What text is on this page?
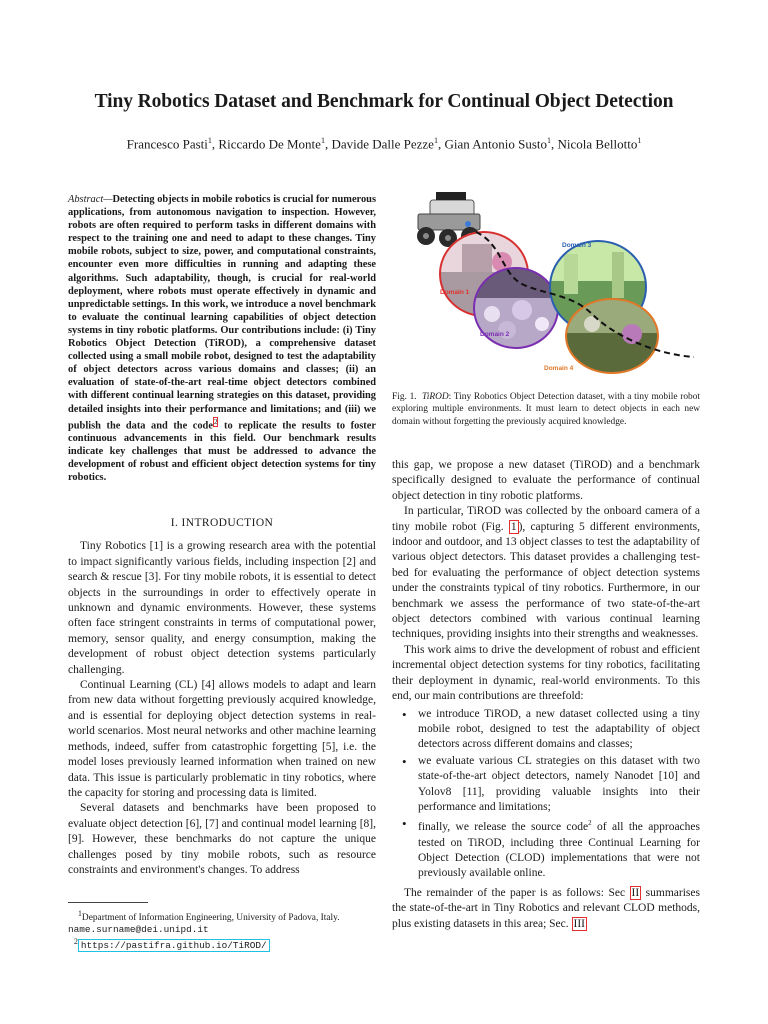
Tiny Robotics Dataset and Benchmark for Continual Object Detection
Francesco Pasti$^1$, Riccardo De Monte$^1$, Davide Dalle Pezze$^1$, Gian Antonio Susto$^1$, Nicola Bellotto$^1$
Abstract—Detecting objects in mobile robotics is crucial for numerous applications, from autonomous navigation to inspection. However, robots are often required to perform tasks in different domains with respect to the training one and need to adapt to these changes. Tiny mobile robots, subject to size, power, and computational constraints, encounter even more difficulties in running and adapting these algorithms. Such adaptability, though, is crucial for real-world deployment, where robots must operate effectively in dynamic and unpredictable settings. In this work, we introduce a novel benchmark to evaluate the continual learning capabilities of object detection systems in tiny robotic platforms. Our contributions include: (i) Tiny Robotics Object Detection (TiROD), a comprehensive dataset collected using a small mobile robot, designed to test the adaptability of object detectors across various domains and classes; (ii) an evaluation of state-of-the-art real-time object detectors combined with different continual learning strategies on this dataset, providing detailed insights into their performance and limitations; and (iii) we publish the data and the code$^2$ to replicate the results to foster continuous advancements in this field. Our benchmark results indicate key challenges that must be addressed to advance the development of robust and efficient object detection systems for tiny robotics.
I. INTRODUCTION

Tiny Robotics [1] is a growing research area with the potential to impact significantly various fields, including inspection [2] and search & rescue [3]. For tiny mobile robots, it is essential to detect objects in the surroundings in order to effectively operate in unknown and dynamic environments. However, these systems often face stringent constraints in terms of computational power, memory, sensor quality, and energy consumption, making the development of robust object detection systems particularly challenging.

Continual Learning (CL) [4] allows models to adapt and learn from new data without forgetting previously acquired knowledge, and is essential for deploying object detection systems in real-world scenarios. Most neural networks and other machine learning methods, indeed, suffer from catastrophic forgetting [5], i.e. the model loses previously learned information when trained on new data. This issue is particularly problematic in tiny robotics, where the capacity for storing and processing data is limited.

Several datasets and benchmarks have been proposed to evaluate object detection [6], [7] and continual model learning [8], [9]. However, these benchmarks do not capture the unique challenges posed by tiny mobile robots, such as resource constraints and environment's changes. To address

$^1$Department of Information Engineering, University of Padova, Italy.
name.surname@dei.unipd.it
$^2$ https://pastifra.github.io/TiROD/
Domain 1
Domain 2
Domain 3
Domain 4
Fig. 1. TiROD: Tiny Robotics Object Detection dataset, with a tiny mobile robot exploring multiple environments. It must learn to detect objects in each new domain without forgetting the previously acquired knowledge.

this gap, we propose a new dataset (TiROD) and a benchmark specifically designed to evaluate the performance of continual object detection in tiny robotic platforms.

In particular, TiROD was collected by the onboard camera of a tiny mobile robot (Fig. 1 ), capturing 5 different environments, indoor and outdoor, and 13 object classes to test the adaptability of various object detectors. This dataset provides a challenging test-bed for evaluating the performance of object detection systems under the constraints typical of tiny robotics. Furthermore, in our benchmark we assess the performance of two state-of-the-art object detectors combined with various continual learning techniques, providing insights into their strengths and weaknesses.

This work aims to drive the development of robust and efficient incremental object detection systems for tiny robotics, facilitating their deployment in dynamic, real-world environments. To this end, our main contributions are threefold:

• we introduce TiROD, a new dataset collected using a tiny mobile robot, designed to test the adaptability of object detectors across different domains and classes;
• we evaluate various CL strategies on this dataset with two state-of-the-art object detectors, namely Nanodet [10] and Yolov8 [11], providing valuable insights into their performance and limitations;
• finally, we release the source code$^2$ of all the approaches tested on TiROD, including three Continual Learning for Object Detection (CLOD) implementations that were not previously available online.

The remainder of the paper is as follows: Sec II summarises the state-of-the-art in Tiny Robotics and relevant CLOD methods, plus existing datasets in this area; Sec. III
